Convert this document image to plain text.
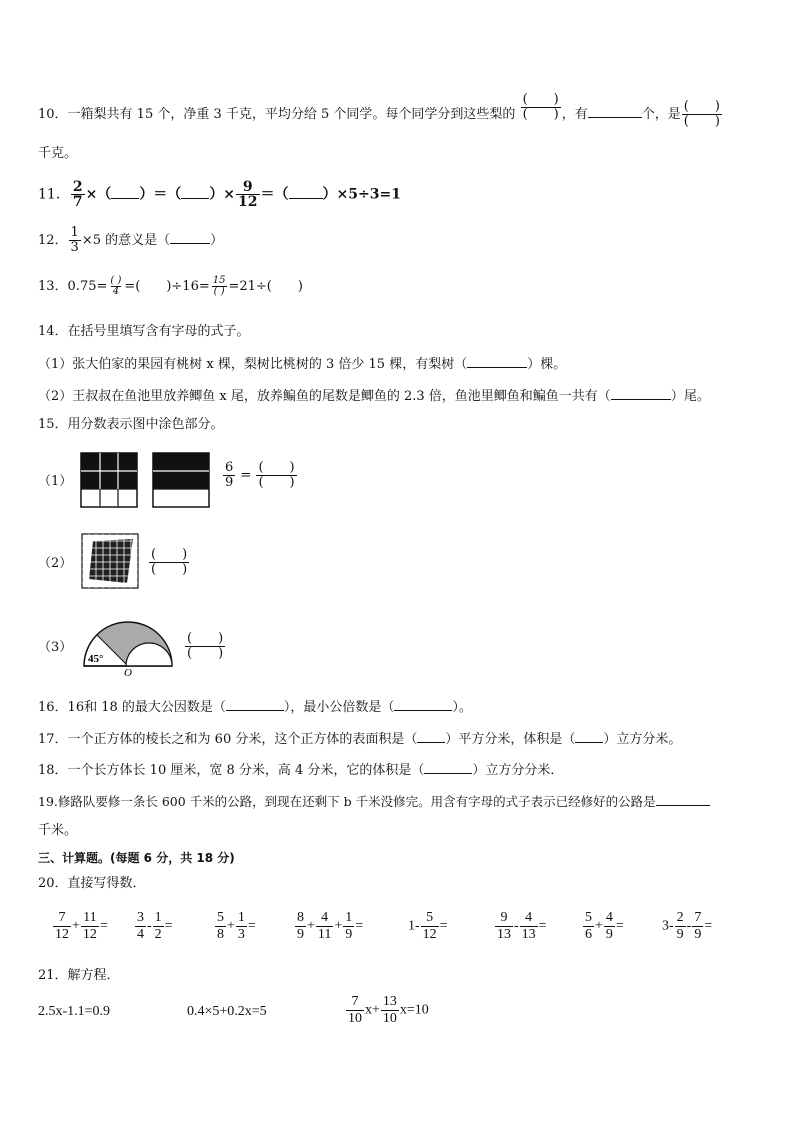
10．一箱梨共有 15 个，净重 3 千克，平均分给 5 个同学。每个同学分到这些梨的 $\frac{( )}{( )}$ ，有	个，是 $\frac{( )}{( )}$
千克。
11． $\frac{2}{7}$ ×（ ）＝（ ）× $\frac{9}{12}$ ＝（ ）×5÷3=1
12． $\frac{1}{3} \times 5$ 的意义是（	）
13．$0.75= \frac{( )}{4}$ =(　　)$\div 16= \frac{15}{( )} =21\div$(　　)
14．在括号里填写含有字母的式子。
（1）张大伯家的果园有桃树 x 棵，梨树比桃树的 3 倍少 15 棵，有梨树（	）棵。
（2）王叔叔在鱼池里放养鲫鱼 x 尾，放养鳊鱼的尾数是鲫鱼的 2.3 倍，鱼池里鲫鱼和鳊鱼一共有（	）尾。
15．用分数表示图中涂色部分。
（1）
（2）
（3）
$\frac{6}{9} = \frac{( )}{( )}$
$\frac{( )}{( )}$
45°
O
$\frac{( )}{( )}$
16．16和 18 的最大公因数是（	），最小公倍数是（	）。
17．一个正方体的棱长之和为 60 分米，这个正方体的表面积是（ ）平方分米，体积是（ ）立方分米。
18．一个长方体长 10 厘米，宽 8 分米，高 4 分米，它的体积是（	）立方分分米．
19.修路队要修一条长 600 千米的公路，到现在还剩下 b 千米没修完。用含有字母的式子表示已经修好的公路是
千米。
三、计算题。(每题 6 分，共 18 分)
20．直接写得数．
$\frac{7}{12} + \frac{11}{12} = \frac{3}{4} - \frac{1}{2}$ =	$\frac{5}{8} + \frac{1}{3}$ =	$\frac{8}{9} + \frac{4}{11} + \frac{1}{9}$ =	$1- \frac{5}{12}$ =	$\frac{9}{13} - \frac{4}{13}$ =	$\frac{5}{6} + \frac{4}{9}$ =	$3- \frac{2}{9} - \frac{7}{9}$ =
21．解方程．
2.5x-1.1=0.9	0.4×5+0.2x=5	$\frac{7}{10} x+ \frac{13}{10} x=10$
